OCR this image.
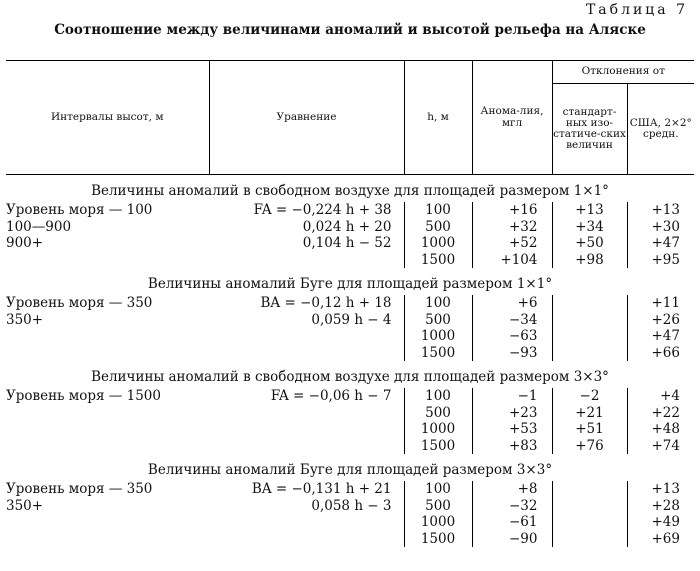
Таблица 7
Соотношение между величинами аномалий и высотой рельефа на Аляске
Интервалы высот, м	Уравнение	h, м	Анома-лия, мгл	Отклонения от	
				стандарт-ных изо-статиче-ских величин	США, 2×2° средн.
Величины аномалий в свободном воздухе для площадей размером 1×1°					
Уровень моря — 100	FA = −0,224 h + 38	100	+16	+13	+13
100—900	0,024 h + 20	500	+32	+34	+30
900+	0,104 h − 52	1000	+52	+50	+47
		1500	+104	+98	+95
Величины аномалий Буге для площадей размером 1×1°					
Уровень моря — 350	BA = −0,12 h + 18	100	+6		+11
350+	0,059 h − 4	500	−34		+26
		1000	−63		+47
		1500	−93		+66
Величины аномалий в свободном воздухе для площадей размером 3×3°					
Уровень моря — 1500	FA = −0,06 h − 7	100	−1	−2	+4
		500	+23	+21	+22
		1000	+53	+51	+48
		1500	+83	+76	+74
Величины аномалий Буге для площадей размером 3×3°					
Уровень моря — 350	BA = −0,131 h + 21	100	+8		+13
350+	0,058 h − 3	500	−32		+28
		1000	−61		+49
		1500	−90		+69
